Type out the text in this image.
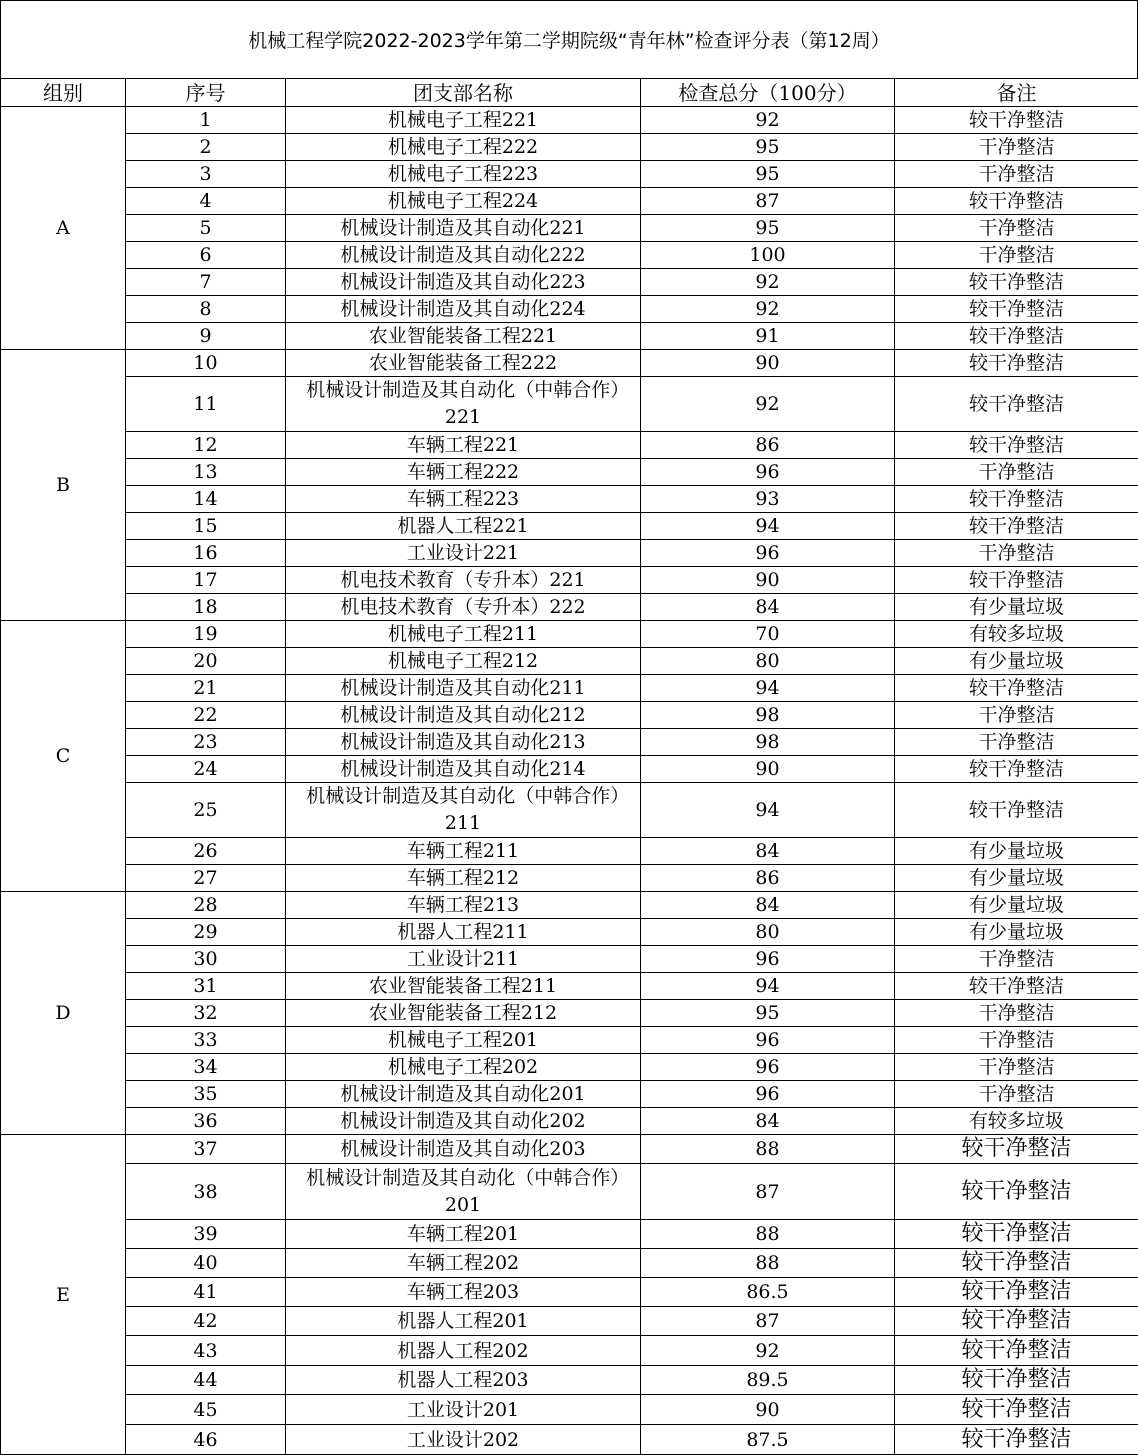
机械工程学院2022-2023学年第二学期院级“青年林”检查评分表（第12周）
组别	序号	团支部名称	检查总分（100分）	备注
A	1	机械电子工程221	92	较干净整洁
	2	机械电子工程222	95	干净整洁
	3	机械电子工程223	95	干净整洁
	4	机械电子工程224	87	较干净整洁
	5	机械设计制造及其自动化221	95	干净整洁
	6	机械设计制造及其自动化222	100	干净整洁
	7	机械设计制造及其自动化223	92	较干净整洁
	8	机械设计制造及其自动化224	92	较干净整洁
	9	农业智能装备工程221	91	较干净整洁
B	10	农业智能装备工程222	90	较干净整洁
	11	机械设计制造及其自动化（中韩合作）221	92	较干净整洁
	12	车辆工程221	86	较干净整洁
	13	车辆工程222	96	干净整洁
	14	车辆工程223	93	较干净整洁
	15	机器人工程221	94	较干净整洁
	16	工业设计221	96	干净整洁
	17	机电技术教育（专升本）221	90	较干净整洁
	18	机电技术教育（专升本）222	84	有少量垃圾
C	19	机械电子工程211	70	有较多垃圾
	20	机械电子工程212	80	有少量垃圾
	21	机械设计制造及其自动化211	94	较干净整洁
	22	机械设计制造及其自动化212	98	干净整洁
	23	机械设计制造及其自动化213	98	干净整洁
	24	机械设计制造及其自动化214	90	较干净整洁
	25	机械设计制造及其自动化（中韩合作）211	94	较干净整洁
	26	车辆工程211	84	有少量垃圾
	27	车辆工程212	86	有少量垃圾
D	28	车辆工程213	84	有少量垃圾
	29	机器人工程211	80	有少量垃圾
	30	工业设计211	96	干净整洁
	31	农业智能装备工程211	94	较干净整洁
	32	农业智能装备工程212	95	干净整洁
	33	机械电子工程201	96	干净整洁
	34	机械电子工程202	96	干净整洁
	35	机械设计制造及其自动化201	96	干净整洁
	36	机械设计制造及其自动化202	84	有较多垃圾
E	37	机械设计制造及其自动化203	88	较干净整洁
	38	机械设计制造及其自动化（中韩合作）201	87	较干净整洁
	39	车辆工程201	88	较干净整洁
	40	车辆工程202	88	较干净整洁
	41	车辆工程203	86.5	较干净整洁
	42	机器人工程201	87	较干净整洁
	43	机器人工程202	92	较干净整洁
	44	机器人工程203	89.5	较干净整洁
	45	工业设计201	90	较干净整洁
	46	工业设计202	87.5	较干净整洁
